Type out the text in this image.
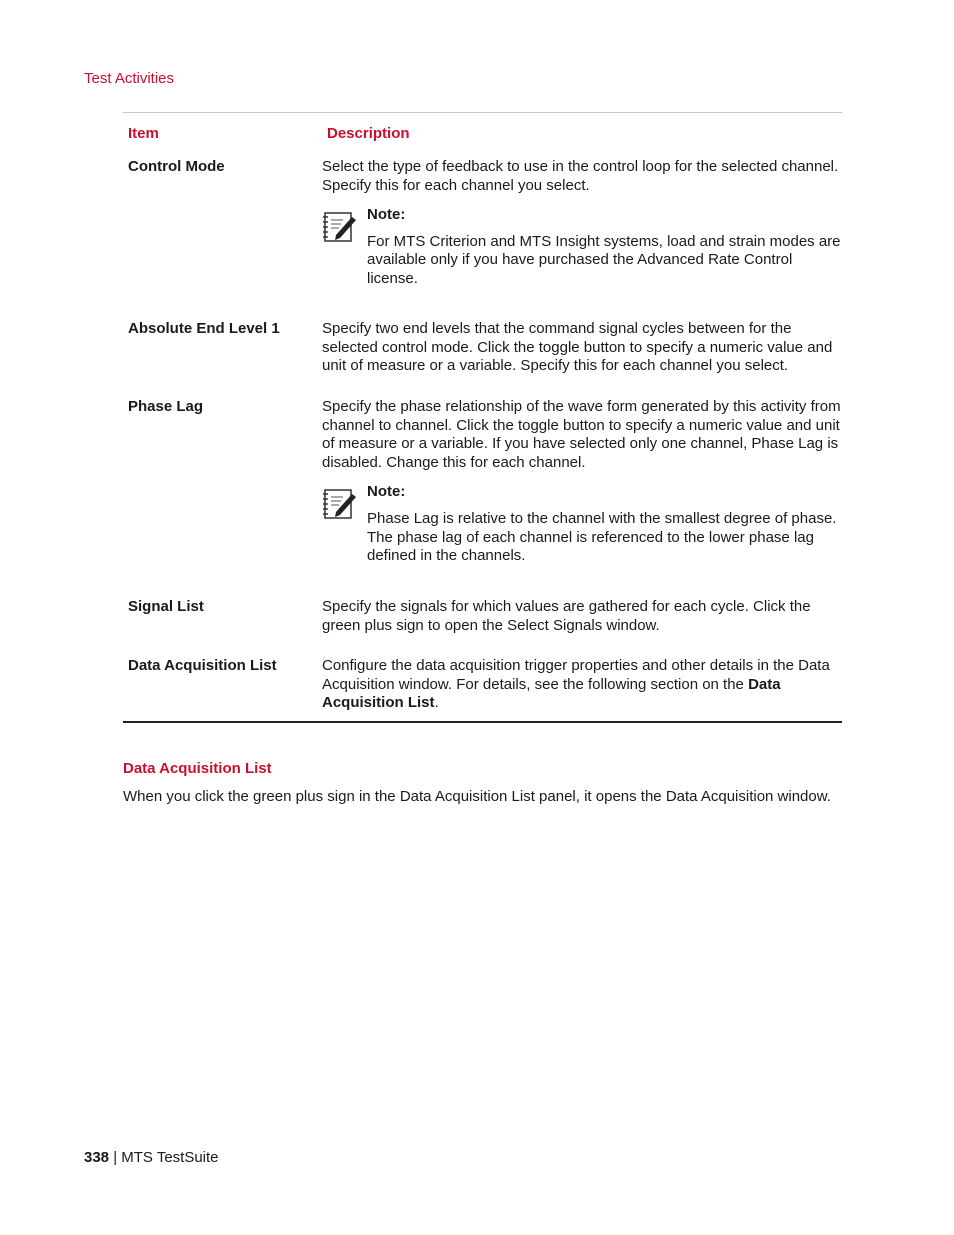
Test Activities
Item	Description
Control Mode	Select the type of feedback to use in the control loop for the selected channel. Specify this for each channel you select.
Note:
For MTS Criterion and MTS Insight systems, load and strain modes are available only if you have purchased the Advanced Rate Control license.
Absolute End Level 1	Specify two end levels that the command signal cycles between for the selected control mode. Click the toggle button to specify a numeric value and unit of measure or a variable. Specify this for each channel you select.
Phase Lag	Specify the phase relationship of the wave form generated by this activity from channel to channel. Click the toggle button to specify a numeric value and unit of measure or a variable. If you have selected only one channel, Phase Lag is disabled. Change this for each channel.
Note:
Phase Lag is relative to the channel with the smallest degree of phase. The phase lag of each channel is referenced to the lower phase lag defined in the channels.
Signal List	Specify the signals for which values are gathered for each cycle. Click the green plus sign to open the Select Signals window.
Data Acquisition List	Configure the data acquisition trigger properties and other details in the Data Acquisition window. For details, see the following section on the Data Acquisition List.
Data Acquisition List
When you click the green plus sign in the Data Acquisition List panel, it opens the Data Acquisition window.
338 | MTS TestSuite
